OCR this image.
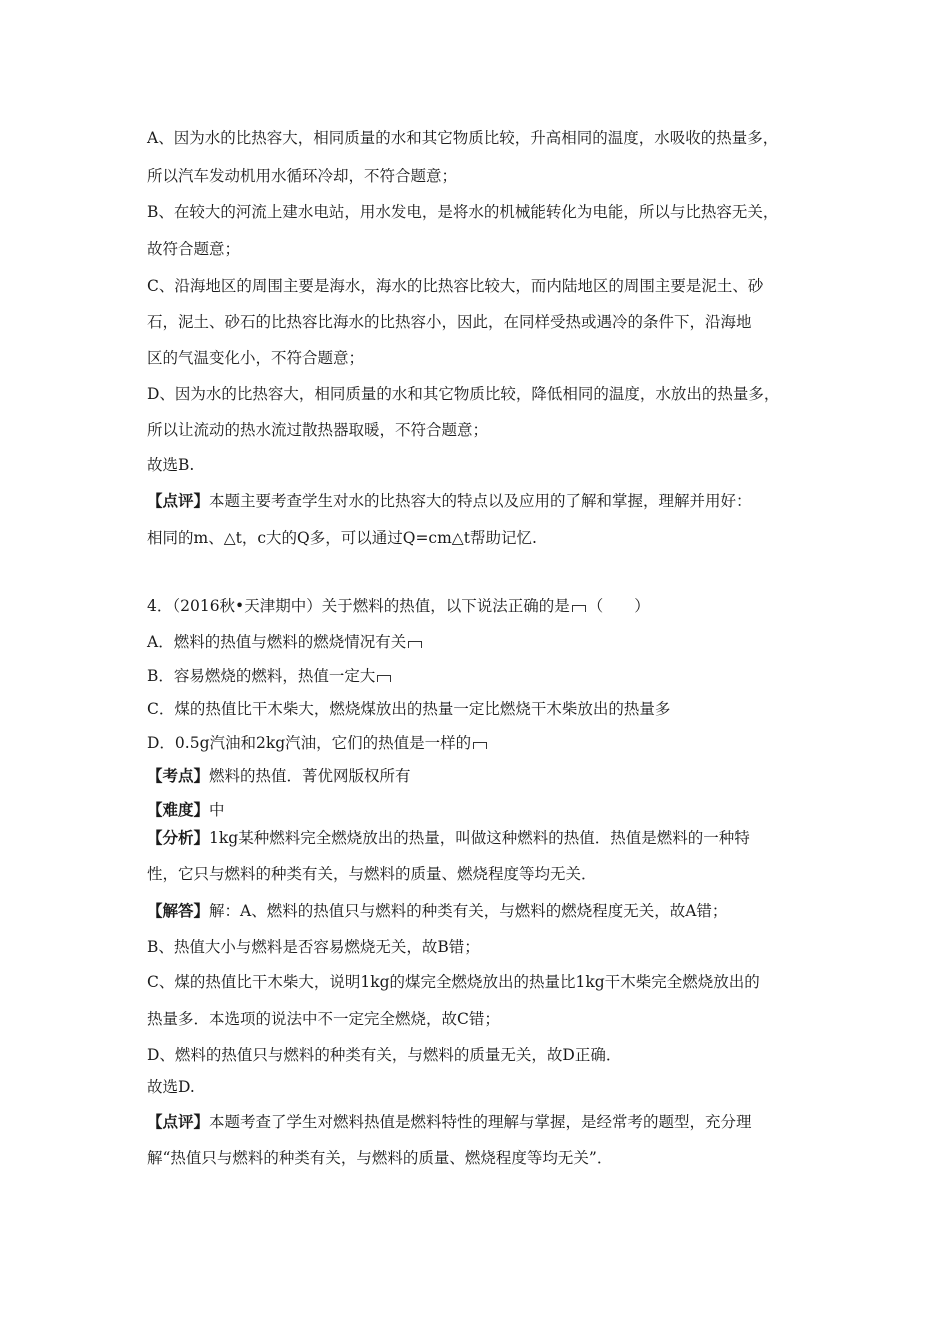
A、因为水的比热容大，相同质量的水和其它物质比较，升高相同的温度，水吸收的热量多，
所以汽车发动机用水循环冷却，不符合题意；
B、在较大的河流上建水电站，用水发电，是将水的机械能转化为电能，所以与比热容无关，
故符合题意；
C、沿海地区的周围主要是海水，海水的比热容比较大，而内陆地区的周围主要是泥土、砂
石，泥土、砂石的比热容比海水的比热容小，因此，在同样受热或遇冷的条件下，沿海地
区的气温变化小，不符合题意；
D、因为水的比热容大，相同质量的水和其它物质比较，降低相同的温度，水放出的热量多，
所以让流动的热水流过散热器取暖，不符合题意；
故选B.
【点评】本题主要考查学生对水的比热容大的特点以及应用的了解和掌握，理解并用好：
相同的m、△t，c大的Q多，可以通过Q=cm△t帮助记忆.
4．（2016秋•天津期中）关于燃料的热值，以下说法正确的是 （　　）
A．燃料的热值与燃料的燃烧情况有关
B．容易燃烧的燃料，热值一定大
C．煤的热值比干木柴大，燃烧煤放出的热量一定比燃烧干木柴放出的热量多
D．0.5g汽油和2kg汽油，它们的热值是一样的
【考点】燃料的热值．菁优网版权所有
【难度】中
【分析】1kg某种燃料完全燃烧放出的热量，叫做这种燃料的热值．热值是燃料的一种特
性，它只与燃料的种类有关，与燃料的质量、燃烧程度等均无关．
【解答】解：A、燃料的热值只与燃料的种类有关，与燃料的燃烧程度无关，故A错；
B、热值大小与燃料是否容易燃烧无关，故B错；
C、煤的热值比干木柴大，说明1kg的煤完全燃烧放出的热量比1kg干木柴完全燃烧放出的
热量多．本选项的说法中不一定完全燃烧，故C错；
D、燃料的热值只与燃料的种类有关，与燃料的质量无关，故D正确．
故选D.
【点评】本题考查了学生对燃料热值是燃料特性的理解与掌握，是经常考的题型，充分理
解“热值只与燃料的种类有关，与燃料的质量、燃烧程度等均无关”．
